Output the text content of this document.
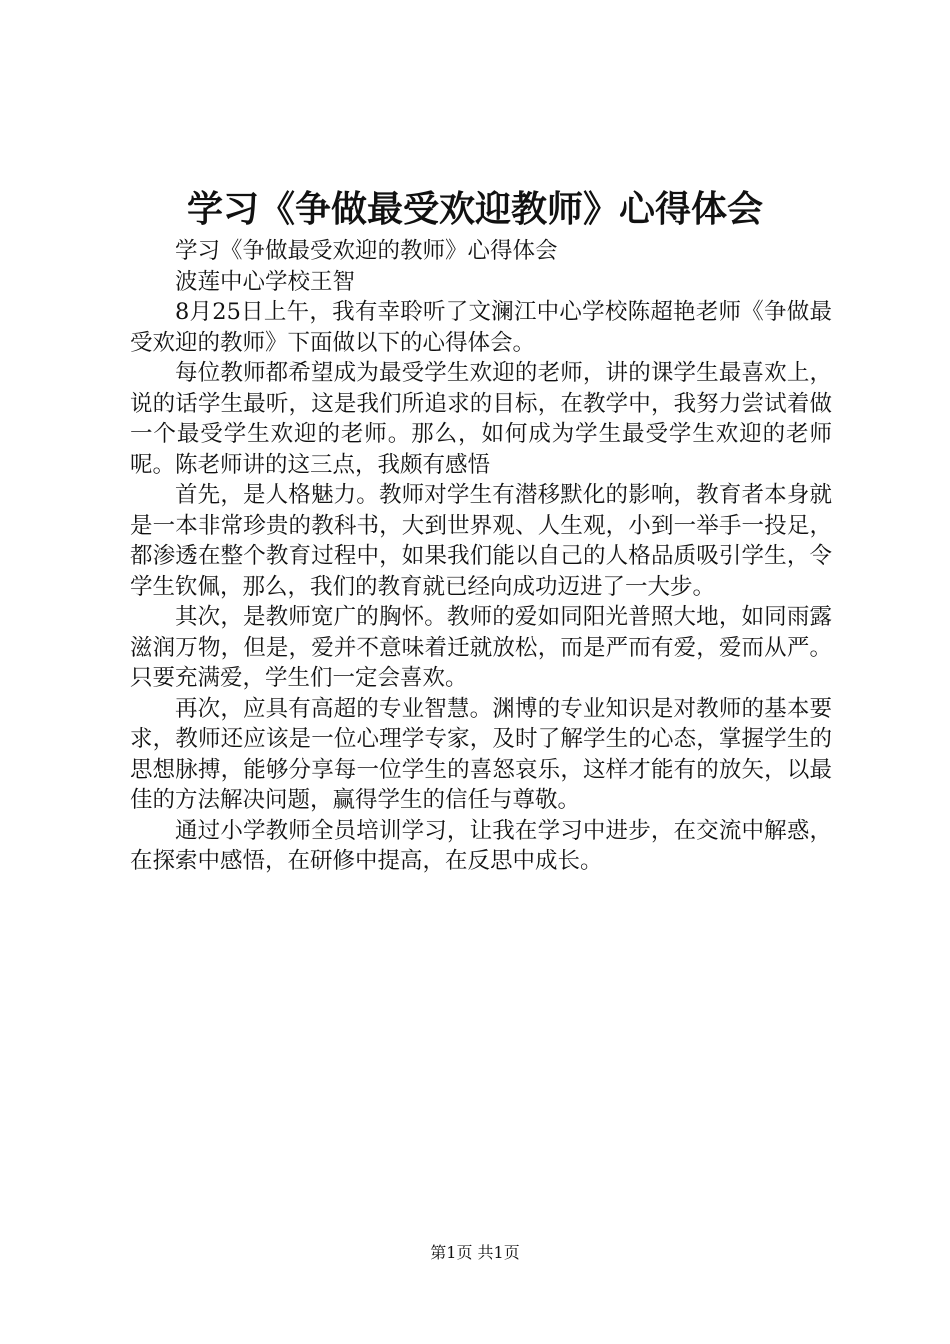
学习《争做最受欢迎教师》心得体会

学习《争做最受欢迎的教师》心得体会

波莲中心学校王智

8月25日上午，我有幸聆听了文澜江中心学校陈超艳老师《争做最受欢迎的教师》下面做以下的心得体会。

每位教师都希望成为最受学生欢迎的老师，讲的课学生最喜欢上，说的话学生最听，这是我们所追求的目标，在教学中，我努力尝试着做一个最受学生欢迎的老师。那么，如何成为学生最受学生欢迎的老师呢。陈老师讲的这三点，我颇有感悟

首先，是人格魅力。教师对学生有潜移默化的影响，教育者本身就是一本非常珍贵的教科书，大到世界观、人生观，小到一举手一投足，都渗透在整个教育过程中，如果我们能以自己的人格品质吸引学生，令学生钦佩，那么，我们的教育就已经向成功迈进了一大步。

其次，是教师宽广的胸怀。教师的爱如同阳光普照大地，如同雨露滋润万物，但是，爱并不意味着迁就放松，而是严而有爱，爱而从严。只要充满爱，学生们一定会喜欢。

再次，应具有高超的专业智慧。渊博的专业知识是对教师的基本要求，教师还应该是一位心理学专家，及时了解学生的心态，掌握学生的思想脉搏，能够分享每一位学生的喜怒哀乐，这样才能有的放矢，以最佳的方法解决问题，赢得学生的信任与尊敬。

通过小学教师全员培训学习，让我在学习中进步，在交流中解惑，在探索中感悟，在研修中提高，在反思中成长。

第1页 共1页
